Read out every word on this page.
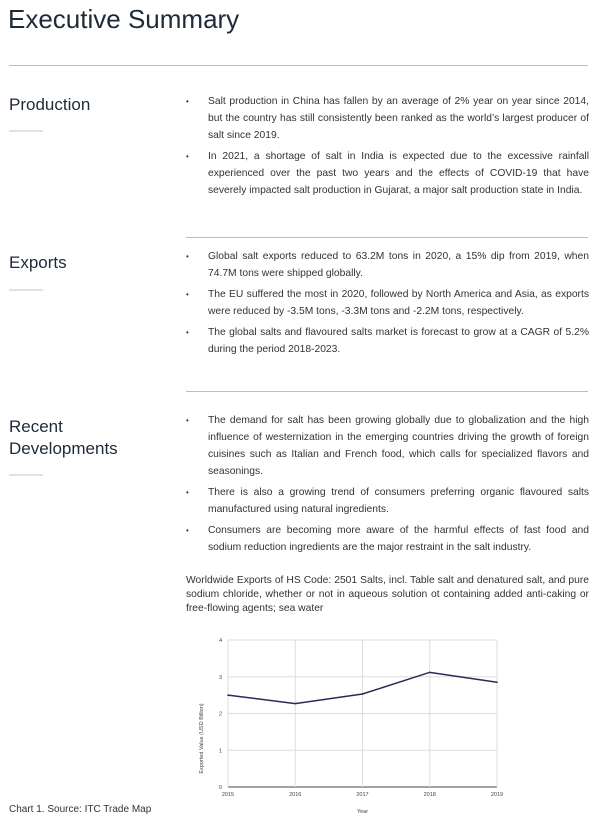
Executive Summary
Production	• Salt production in China has fallen by an average of 2% year on year since 2014, but the country has still consistently been ranked as the world’s largest producer of salt since 2019.
• In 2021, a shortage of salt in India is expected due to the excessive rainfall experienced over the past two years and the effects of COVID-19 that have severely impacted salt production in Gujarat, a major salt production state in India.
Exports	• Global salt exports reduced to 63.2M tons in 2020, a 15% dip from 2019, when 74.7M tons were shipped globally.
• The EU suffered the most in 2020, followed by North America and Asia, as exports were reduced by -3.5M tons, -3.3M tons and -2.2M tons, respectively.
• The global salts and flavoured salts market is forecast to grow at a CAGR of 5.2% during the period 2018-2023.
Recent
Developments
• The demand for salt has been growing globally due to globalization and the high influence of westernization in the emerging countries driving the growth of foreign cuisines such as Italian and French food, which calls for specialized flavors and seasonings.
• There is also a growing trend of consumers preferring organic flavoured salts manufactured using natural ingredients.
• Consumers are becoming more aware of the harmful effects of fast food and sodium reduction ingredients are the major restraint in the salt industry.
Worldwide Exports of HS Code: 2501 Salts, incl. Table salt and denatured salt, and pure sodium chloride, whether or not in aqueous solution ot containing added anti-caking or free-flowing agents; sea water
0
1
2
3
4
2015	2016	2017	2018	2019
Year
Exported Value (USD Billion)
Chart 1. Source: ITC Trade Map
